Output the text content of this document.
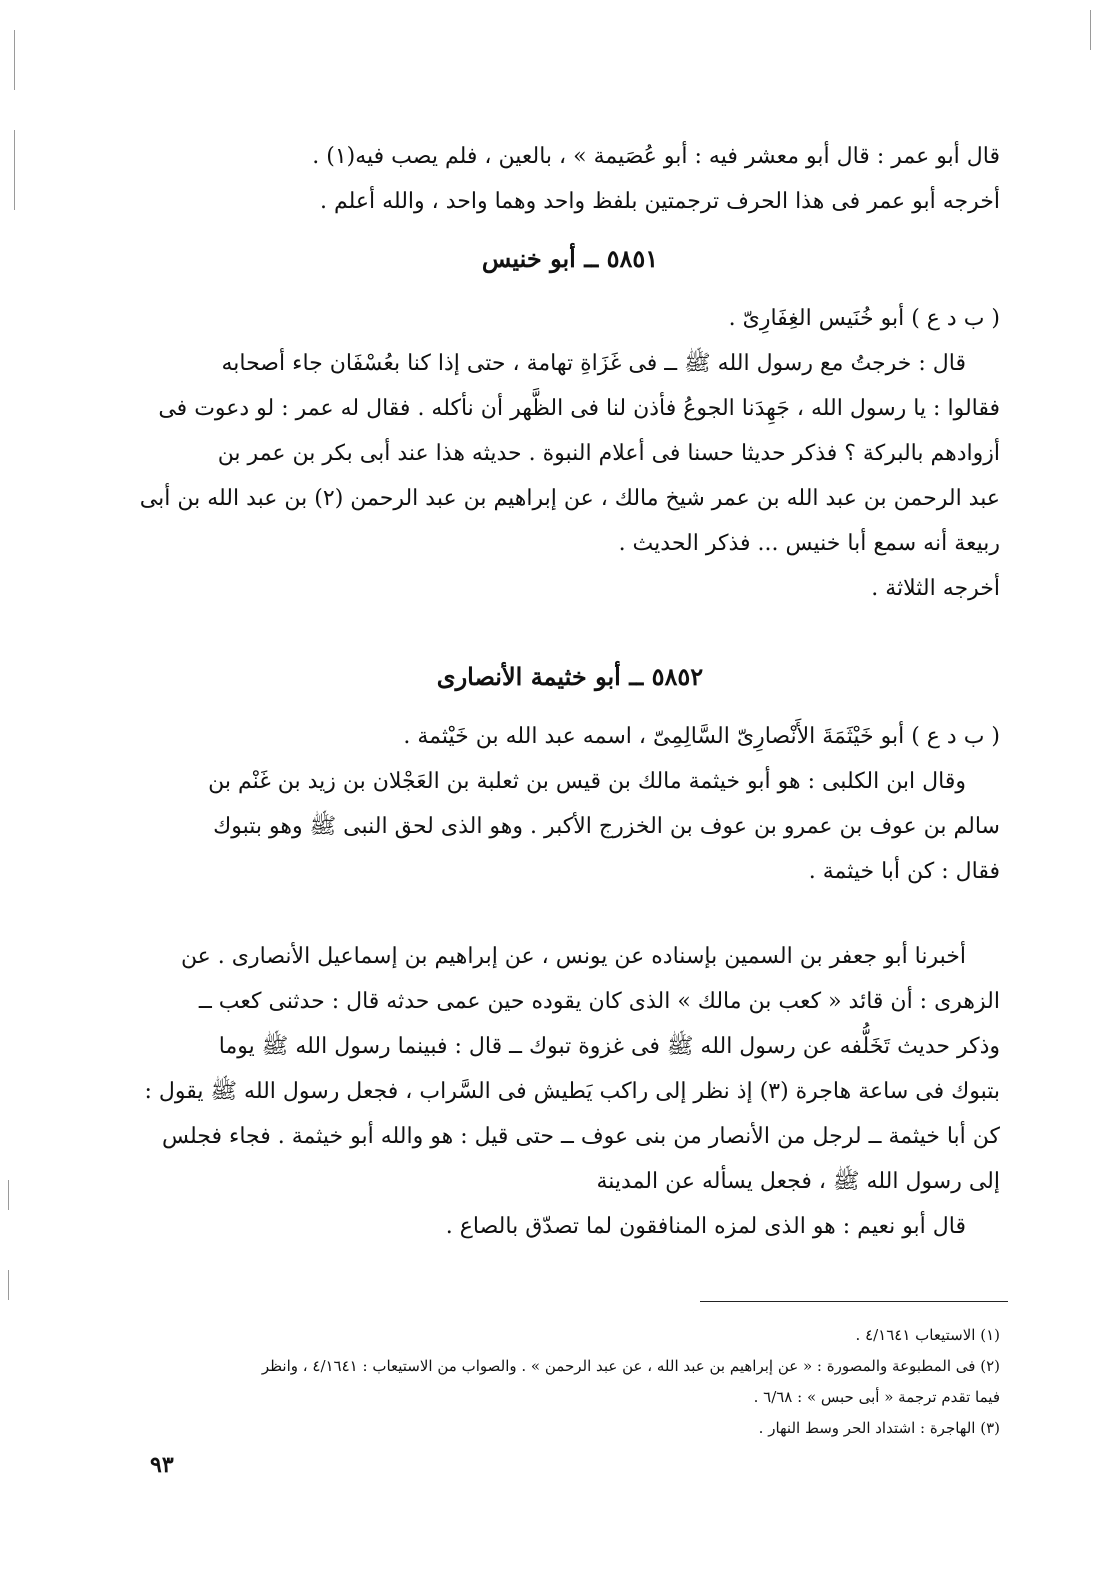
قال أبو عمر : قال أبو معشر فيه : أبو عُصَيمة » ، بالعين ، فلم يصب فيه(١) .
أخرجه أبو عمر فى هذا الحرف ترجمتين بلفظ واحد وهما واحد ، والله أعلم .
٥٨٥١ ــ أبو خنيس
( ب د ع ) أبو خُنَيس الغِفَارِىّ .
قال : خرجتُ مع رسول الله ﷺ ــ فى غَزَاةِ تهامة ، حتى إذا كنا بعُسْفَان جاء أصحابه
فقالوا : يا رسول الله ، جَهِدَنا الجوعُ فأذن لنا فى الظَّهر أن نأكله . فقال له عمر : لو دعوت فى
أزوادهم بالبركة ؟ فذكر حديثا حسنا فى أعلام النبوة . حديثه هذا عند أبى بكر بن عمر بن
عبد الرحمن بن عبد الله بن عمر شيخ مالك ، عن إبراهيم بن عبد الرحمن (٢) بن عبد الله بن أبى
ربيعة أنه سمع أبا خنيس ... فذكر الحديث .
أخرجه الثلاثة .
٥٨٥٢ ــ أبو خثيمة الأنصارى
( ب د ع ) أبو خَيْثَمَةَ الأَنْصارِىّ السَّالِمِىّ ، اسمه عبد الله بن خَيْثمة .
وقال ابن الكلبى : هو أبو خيثمة مالك بن قيس بن ثعلبة بن العَجْلان بن زيد بن غَنْم بن
سالم بن عوف بن عمرو بن عوف بن الخزرج الأكبر . وهو الذى لحق النبى ﷺ وهو بتبوك
فقال : كن أبا خيثمة .
أخبرنا أبو جعفر بن السمين بإسناده عن يونس ، عن إبراهيم بن إسماعيل الأنصارى . عن
الزهرى : أن قائد « كعب بن مالك » الذى كان يقوده حين عمى حدثه قال : حدثنى كعب ــ
وذكر حديث تَخَلُّفه عن رسول الله ﷺ فى غزوة تبوك ــ قال : فبينما رسول الله ﷺ يوما
بتبوك فى ساعة هاجرة (٣) إذ نظر إلى راكب يَطيش فى السَّراب ، فجعل رسول الله ﷺ يقول :
كن أبا خيثمة ــ لرجل من الأنصار من بنى عوف ــ حتى قيل : هو والله أبو خيثمة . فجاء فجلس
إلى رسول الله ﷺ ، فجعل يسأله عن المدينة
قال أبو نعيم : هو الذى لمزه المنافقون لما تصدّق بالصاع .
(١) الاستيعاب ٤/١٦٤١ .
(٢) فى المطبوعة والمصورة : « عن إبراهيم بن عبد الله ، عن عبد الرحمن » . والصواب من الاستيعاب : ٤/١٦٤١ ، وانظر
فيما تقدم ترجمة « أبى حبس » : ٦/٦٨ .
(٣) الهاجرة : اشتداد الحر وسط النهار .
٩٣
